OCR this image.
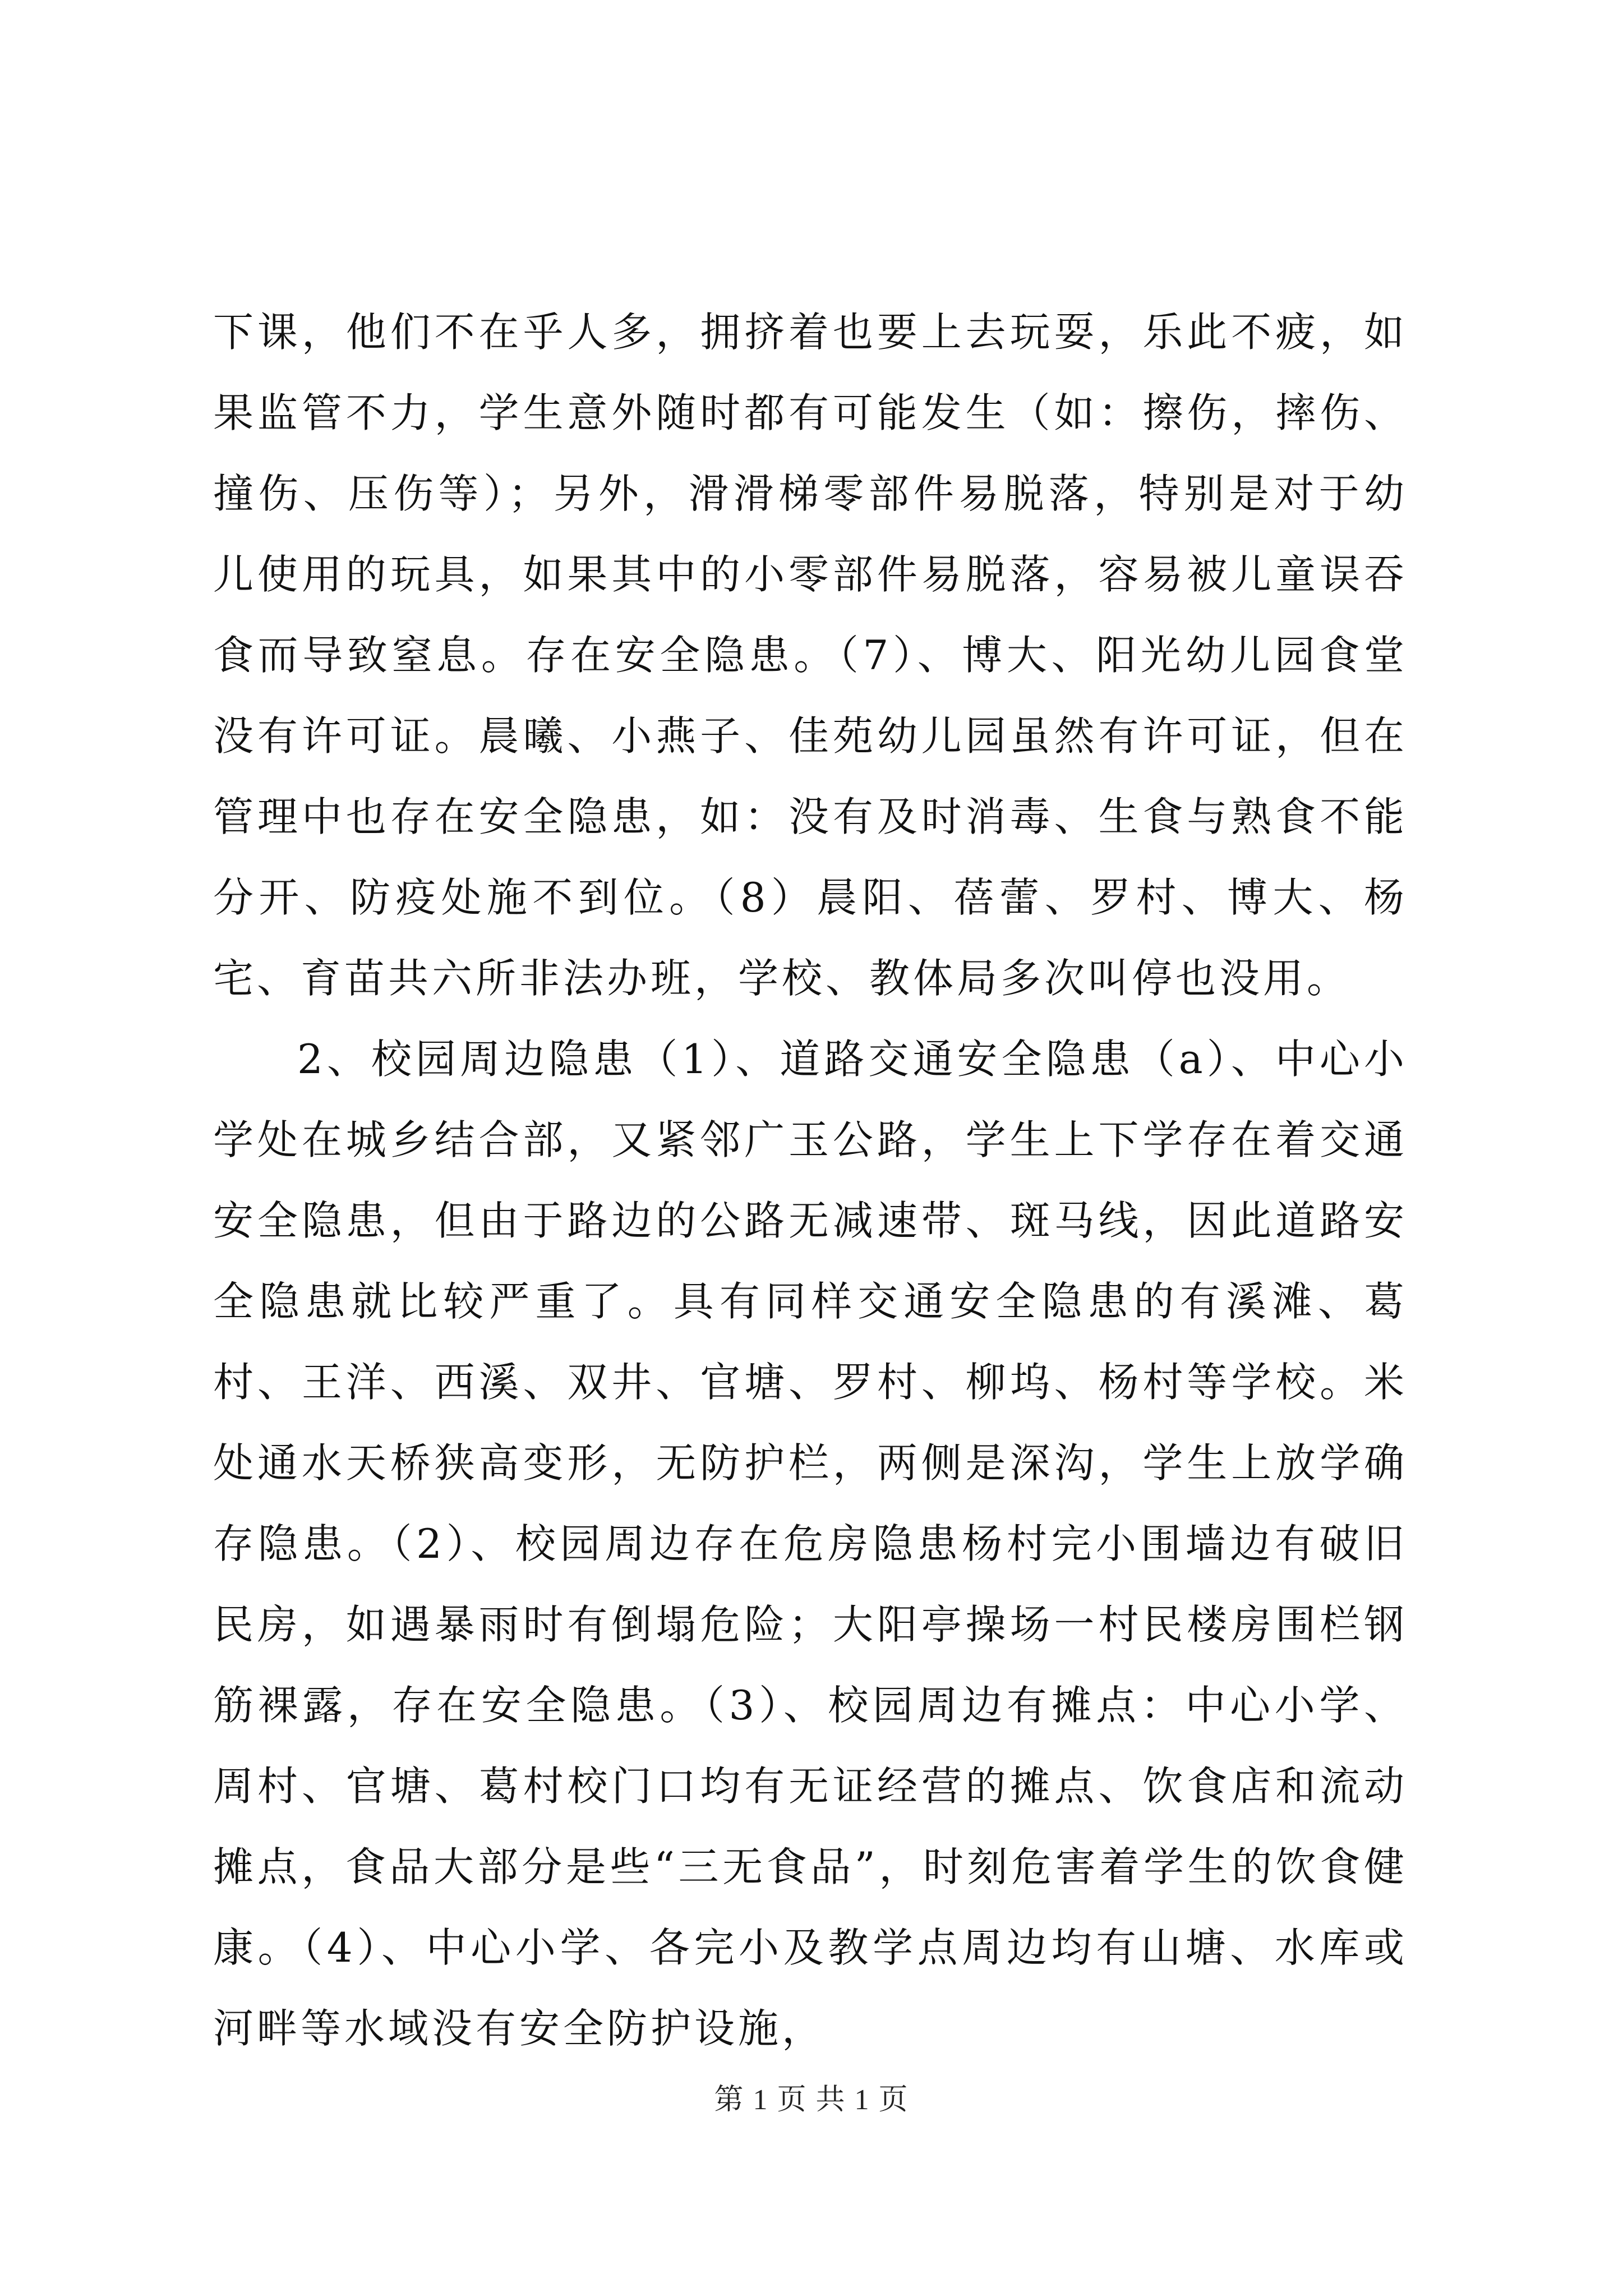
下课，他们不在乎人多，拥挤着也要上去玩耍，乐此不疲，如果监管不力，学生意外随时都有可能发生（如：擦伤，摔伤、撞伤、压伤等）；另外，滑滑梯零部件易脱落，特别是对于幼儿使用的玩具，如果其中的小零部件易脱落，容易被儿童误吞食而导致窒息。存在安全隐患。（7）、博大、阳光幼儿园食堂没有许可证。晨曦、小燕子、佳苑幼儿园虽然有许可证，但在管理中也存在安全隐患，如：没有及时消毒、生食与熟食不能分开、防疫处施不到位。（8）晨阳、蓓蕾、罗村、博大、杨宅、育苗共六所非法办班，学校、教体局多次叫停也没用。

2、校园周边隐患（1）、道路交通安全隐患（a）、中心小学处在城乡结合部，又紧邻广玉公路，学生上下学存在着交通安全隐患，但由于路边的公路无减速带、斑马线，因此道路安全隐患就比较严重了。具有同样交通安全隐患的有溪滩、葛村、王洋、西溪、双井、官塘、罗村、柳坞、杨村等学校。米处通水天桥狭高变形，无防护栏，两侧是深沟，学生上放学确存隐患。（2）、校园周边存在危房隐患杨村完小围墙边有破旧民房，如遇暴雨时有倒塌危险；大阳亭操场一村民楼房围栏钢筋裸露，存在安全隐患。（3）、校园周边有摊点：中心小学、周村、官塘、葛村校门口均有无证经营的摊点、饮食店和流动摊点，食品大部分是些“三无食品”，时刻危害着学生的饮食健康。（4）、中心小学、各完小及教学点周边均有山塘、水库或河畔等水域没有安全防护设施，

第 1 页 共 1 页
